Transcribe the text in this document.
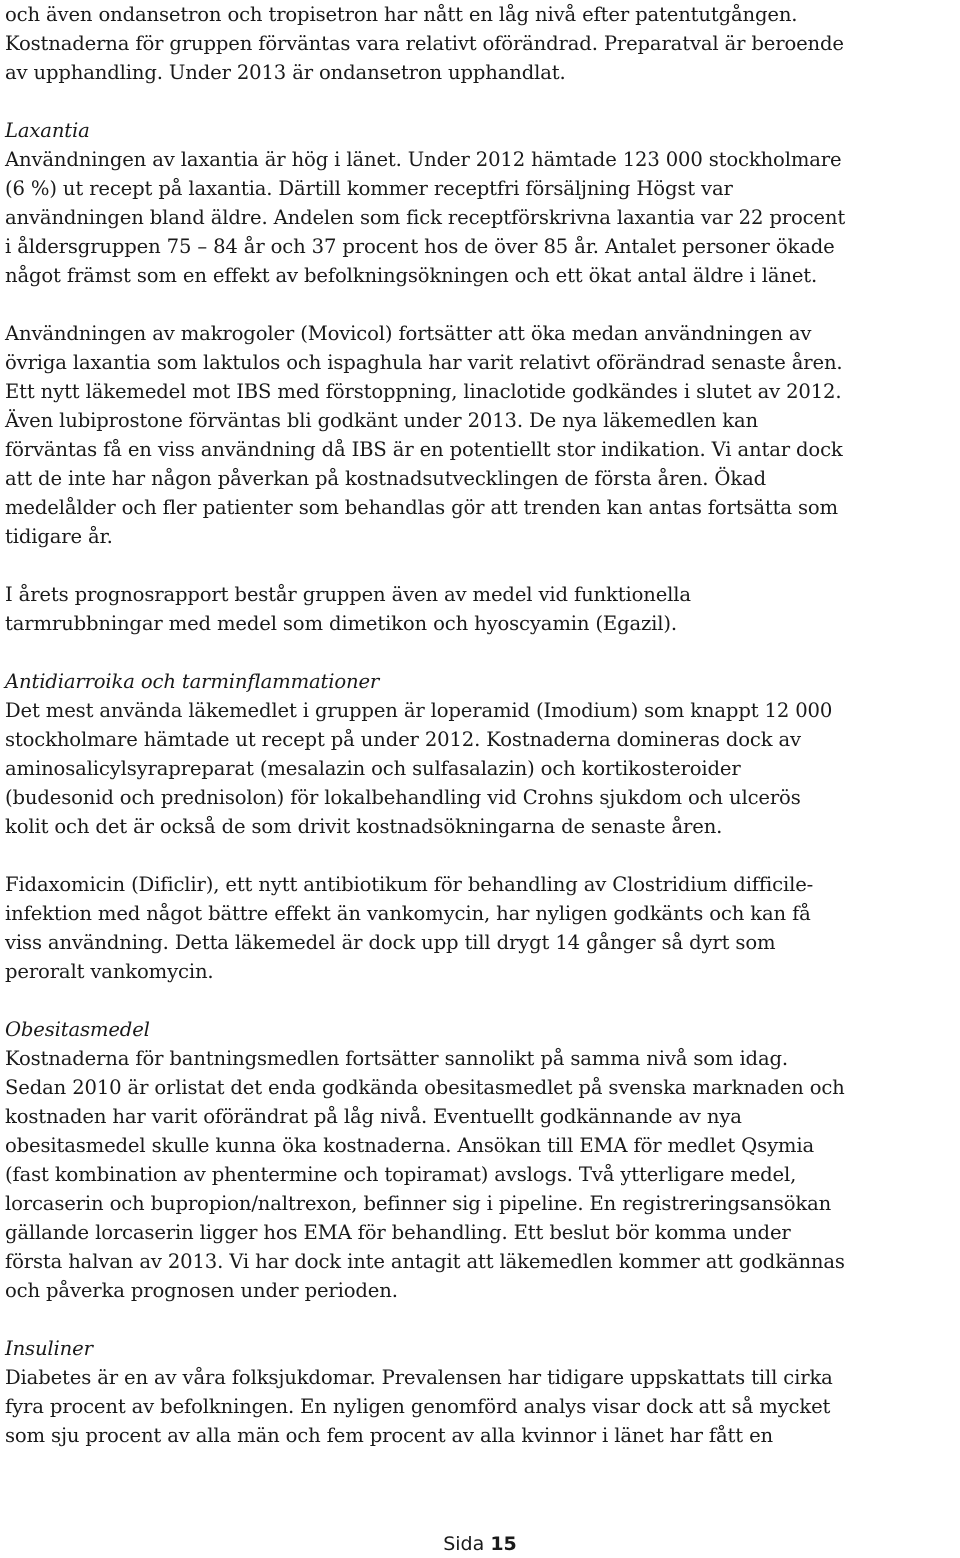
och även ondansetron och tropisetron har nått en låg nivå efter patentutgången.
Kostnaderna för gruppen förväntas vara relativt oförändrad. Preparatval är beroende
av upphandling. Under 2013 är ondansetron upphandlat.
Laxantia
Användningen av laxantia är hög i länet. Under 2012 hämtade 123 000 stockholmare
(6 %) ut recept på laxantia. Därtill kommer receptfri försäljning Högst var
användningen bland äldre. Andelen som fick receptförskrivna laxantia var 22 procent
i åldersgruppen 75 – 84 år och 37 procent hos de över 85 år. Antalet personer ökade
något främst som en effekt av befolkningsökningen och ett ökat antal äldre i länet.
Användningen av makrogoler (Movicol) fortsätter att öka medan användningen av
övriga laxantia som laktulos och ispaghula har varit relativt oförändrad senaste åren.
Ett nytt läkemedel mot IBS med förstoppning, linaclotide godkändes i slutet av 2012.
Även lubiprostone förväntas bli godkänt under 2013. De nya läkemedlen kan
förväntas få en viss användning då IBS är en potentiellt stor indikation. Vi antar dock
att de inte har någon påverkan på kostnadsutvecklingen de första åren. Ökad
medelålder och fler patienter som behandlas gör att trenden kan antas fortsätta som
tidigare år.
I årets prognosrapport består gruppen även av medel vid funktionella
tarmrubbningar med medel som dimetikon och hyoscyamin (Egazil).
Antidiarroika och tarminflammationer
Det mest använda läkemedlet i gruppen är loperamid (Imodium) som knappt 12 000
stockholmare hämtade ut recept på under 2012. Kostnaderna domineras dock av
aminosalicylsyrapreparat (mesalazin och sulfasalazin) och kortikosteroider
(budesonid och prednisolon) för lokalbehandling vid Crohns sjukdom och ulcerös
kolit och det är också de som drivit kostnadsökningarna de senaste åren.
Fidaxomicin (Dificlir), ett nytt antibiotikum för behandling av Clostridium difficile-
infektion med något bättre effekt än vankomycin, har nyligen godkänts och kan få
viss användning. Detta läkemedel är dock upp till drygt 14 gånger så dyrt som
peroralt vankomycin.
Obesitasmedel
Kostnaderna för bantningsmedlen fortsätter sannolikt på samma nivå som idag.
Sedan 2010 är orlistat det enda godkända obesitasmedlet på svenska marknaden och
kostnaden har varit oförändrat på låg nivå. Eventuellt godkännande av nya
obesitasmedel skulle kunna öka kostnaderna. Ansökan till EMA för medlet Qsymia
(fast kombination av phentermine och topiramat) avslogs. Två ytterligare medel,
lorcaserin och bupropion/naltrexon, befinner sig i pipeline. En registreringsansökan
gällande lorcaserin ligger hos EMA för behandling. Ett beslut bör komma under
första halvan av 2013. Vi har dock inte antagit att läkemedlen kommer att godkännas
och påverka prognosen under perioden.
Insuliner
Diabetes är en av våra folksjukdomar. Prevalensen har tidigare uppskattats till cirka
fyra procent av befolkningen. En nyligen genomförd analys visar dock att så mycket
som sju procent av alla män och fem procent av alla kvinnor i länet har fått en
Sida 15
